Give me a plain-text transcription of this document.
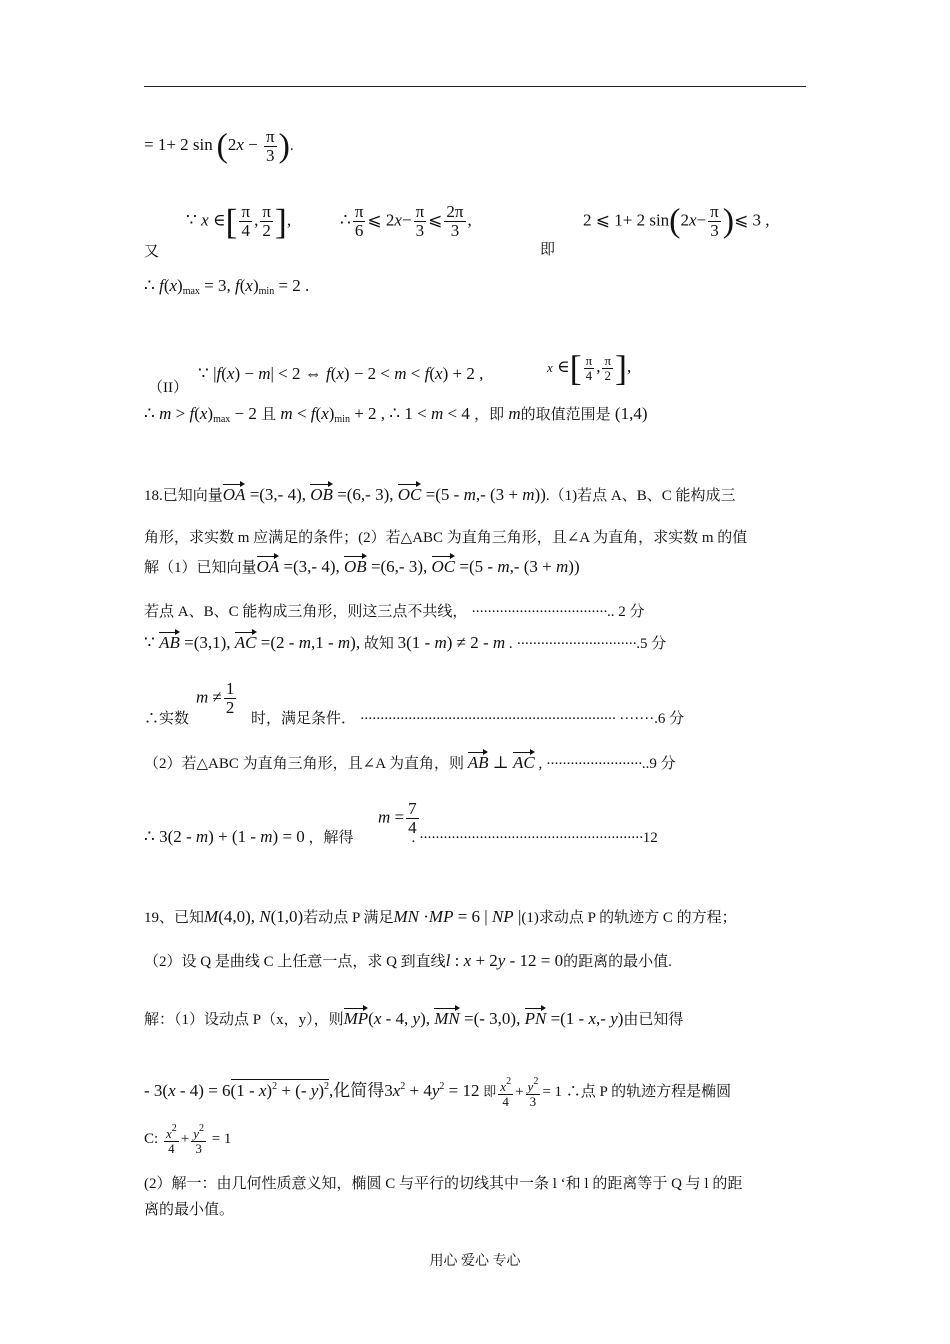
= 1+ 2 $\sin (2x - \frac{\pi}{3}$ ).
又
∵ x ∈[ $\frac{\pi}{4}$ , $\frac{\pi}{2}$ ],	∴ $\frac{\pi}{6}$ ⩽ $2x- \frac{\pi}{3}$ ⩽ $\frac{2\pi}{3}$ ,
即
2 ⩽ 1+ 2 $\sin(2x- \frac{\pi}{3}$ )⩽ 3 ,
∴ $f(x)_{max} = 3$, $f(x)_{min} = 2$ .
（II）
∵ |f(x) − m| < 2 ⇔ f(x) − 2 < m < f(x) + 2 ,	x ∈[ $\frac{\pi}{4}$ , $\frac{\pi}{2}$ ],
∴ $m > f(x)_{max} - 2$ 且 $m < f(x)_{min} + 2$ , ∴ 1 < m < 4 ，即 m的取值范围是 (1,4)
18.已知向量OA =(3,- 4), OB =(6,- 3), OC =(5 - m,- (3 + m)).（1)若点 A、B、C 能构成三
角形，求实数 m 应满足的条件；(2）若△ABC 为直角三角形，且∠A 为直角，求实数 m 的值
解（1）已知向量OA =(3,- 4), OB =(6,- 3), OC =(5 - m,- (3 + m))
若点 A、B、C 能构成三角形，则这三点不共线， ··································.. 2 分
∵ AB =(3,1), AC =(2 - m,1 - m), 故知 3(1 - m) ≠ 2 - m . ······························.5 分
$m \ne \frac{1}{2}$
∴实数	时，满足条件． ································································ ·······.6 分
（2）若△ABC 为直角三角形，且∠A 为直角，则 AB ⊥ AC , ························..9 分
$m = \frac{7}{4}$
∴ 3(2 - m) + (1 - m) = 0 ，解得	. ························································12
19、已知M(4,0), N(1,0)若动点 P 满足MN ·MP = 6 | NP |(1)求动点 P 的轨迹方 C 的方程；
（2）设 Q 是曲线 C 上任意一点，求 Q 到直线l : x + 2y - 12 = 0的距离的最小值.
解：（1）设动点 P（x，y），则MP(x - 4, y), MN =(- 3,0), PN =(1 - x,- y)由已知得
- 3(x - 4) = 6(1 - x)$^2$ + (- y)$^2$,化简得$3x^2 + 4y^2 = 12$ 即 $\frac{x^2}{4} + \frac{y^2}{3} = 1$ ∴点 P 的轨迹方程是椭圆
C: $\frac{x^2}{4} + \frac{y^2}{3} = 1$
(2）解一：由几何性质意义知，椭圆 C 与平行的切线其中一条 l ‘和 l 的距离等于 Q 与 l 的距
离的最小值。
用心 爱心 专心
